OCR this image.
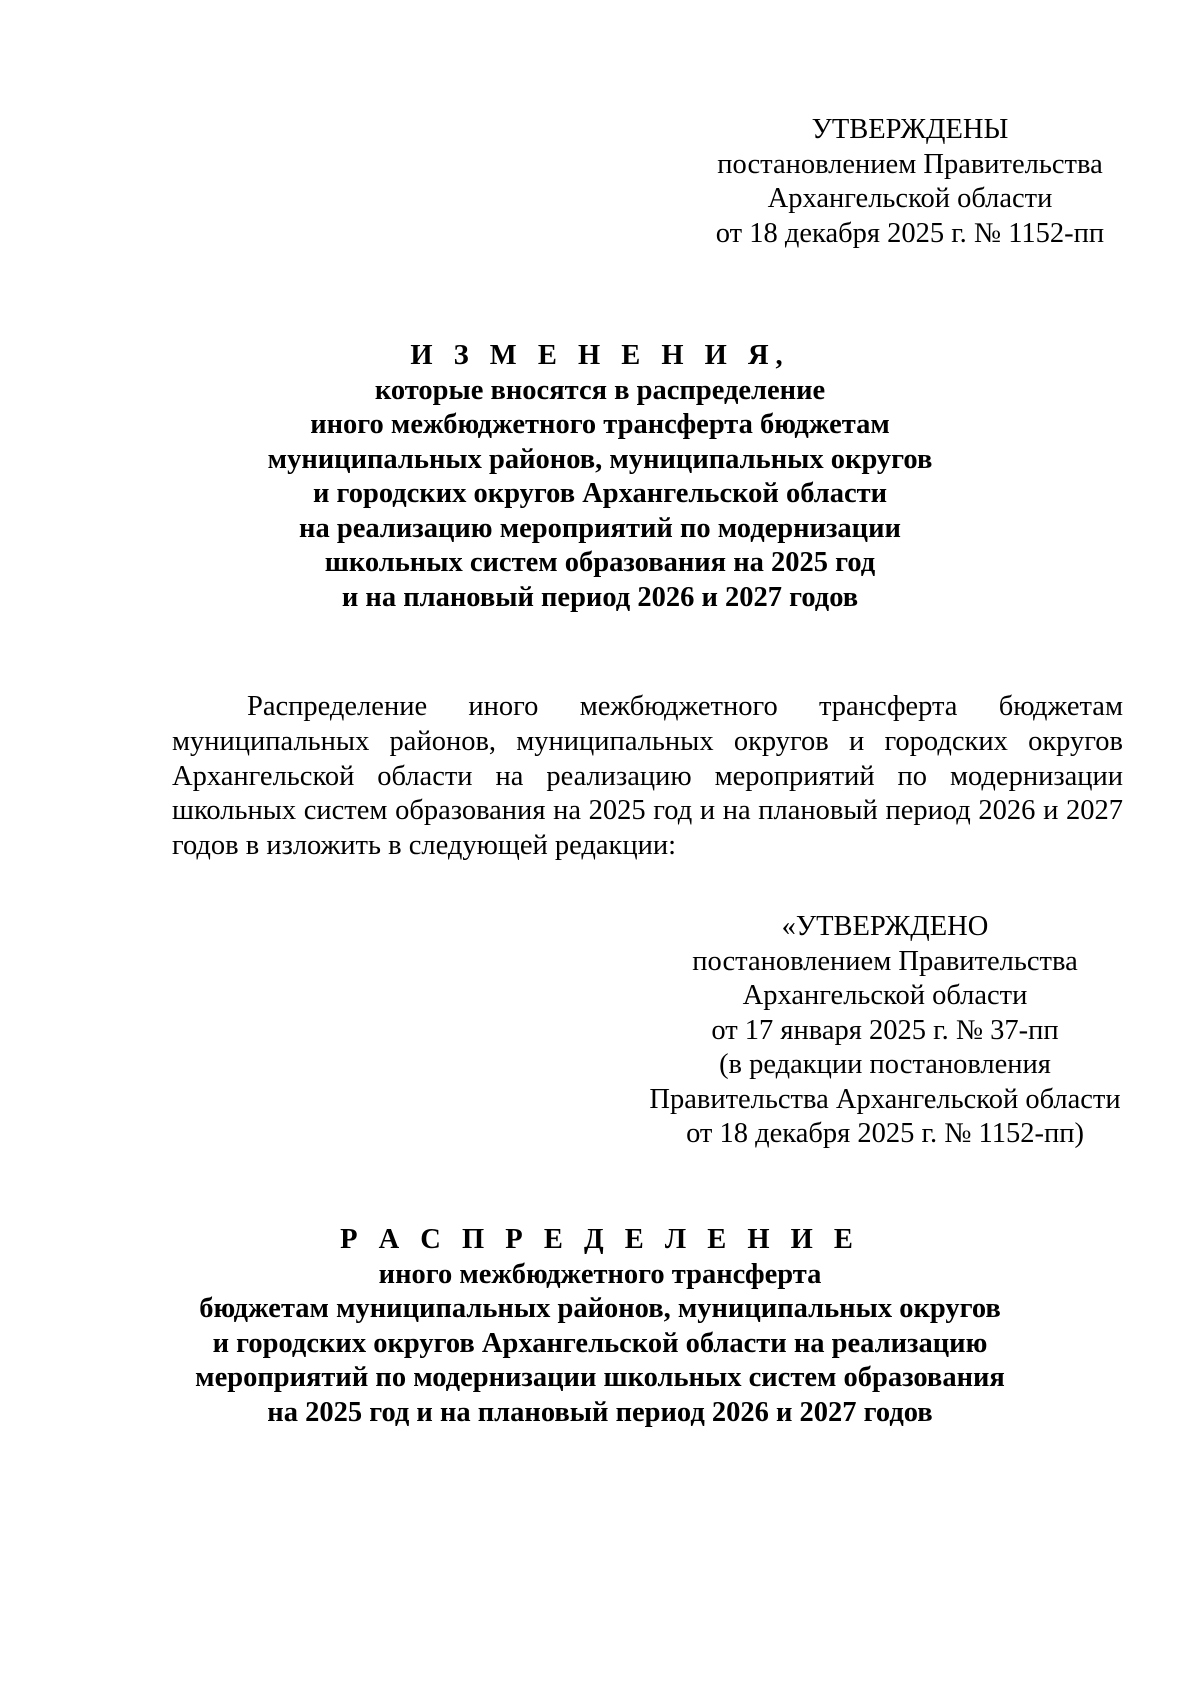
УТВЕРЖДЕНЫ
постановлением Правительства
Архангельской области
от 18 декабря 2025 г. № 1152-пп
И З М Е Н Е Н И Я,
которые вносятся в распределение
иного межбюджетного трансферта бюджетам
муниципальных районов, муниципальных округов
и городских округов Архангельской области
на реализацию мероприятий по модернизации
школьных систем образования на 2025 год
и на плановый период 2026 и 2027 годов

Распределение иного межбюджетного трансферта бюджетам муниципальных районов, муниципальных округов и городских округов Архангельской области на реализацию мероприятий по модернизации школьных систем образования на 2025 год и на плановый период 2026 и 2027 годов в изложить в следующей редакции:

«УТВЕРЖДЕНО
постановлением Правительства
Архангельской области
от 17 января 2025 г. № 37-пп
(в редакции постановления
Правительства Архангельской области
от 18 декабря 2025 г. № 1152-пп)
Р А С П Р Е Д Е Л Е Н И Е
иного межбюджетного трансферта
бюджетам муниципальных районов, муниципальных округов
и городских округов Архангельской области на реализацию
мероприятий по модернизации школьных систем образования
на 2025 год и на плановый период 2026 и 2027 годов
